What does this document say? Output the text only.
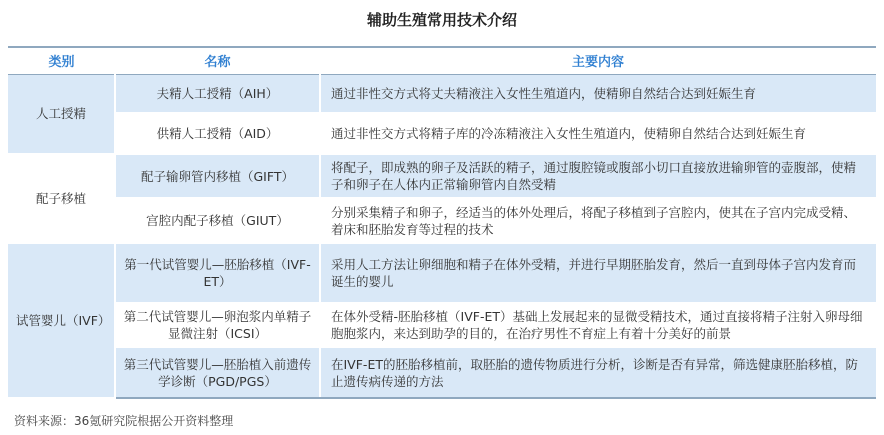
辅助生殖常用技术介绍
类别	名称	主要内容
人工授精	夫精人工授精（AIH）	通过非性交方式将丈夫精液注入女性生殖道内，使精卵自然结合达到妊娠生育
	供精人工授精（AID）	通过非性交方式将精子库的冷冻精液注入女性生殖道内，使精卵自然结合达到妊娠生育
配子移植	配子输卵管内移植（GIFT）	将配子，即成熟的卵子及活跃的精子，通过腹腔镜或腹部小切口直接放进输卵管的壶腹部，使精子和卵子在人体内正常输卵管内自然受精
	宫腔内配子移植（GIUT）	分别采集精子和卵子，经适当的体外处理后，将配子移植到子宫腔内，使其在子宫内完成受精、着床和胚胎发育等过程的技术
试管婴儿（IVF）	第一代试管婴儿—胚胎移植（IVF-ET）	采用人工方法让卵细胞和精子在体外受精，并进行早期胚胎发育，然后一直到母体子宫内发育而诞生的婴儿
	第二代试管婴儿—卵泡浆内单精子显微注射（ICSI）	在体外受精-胚胎移植（IVF-ET）基础上发展起来的显微受精技术，通过直接将精子注射入卵母细胞胞浆内，来达到助孕的目的，在治疗男性不育症上有着十分美好的前景
	第三代试管婴儿—胚胎植入前遗传学诊断（PGD/PGS）	在IVF-ET的胚胎移植前，取胚胎的遗传物质进行分析，诊断是否有异常，筛选健康胚胎移植，防止遗传病传递的方法
资料来源：36氪研究院根据公开资料整理
